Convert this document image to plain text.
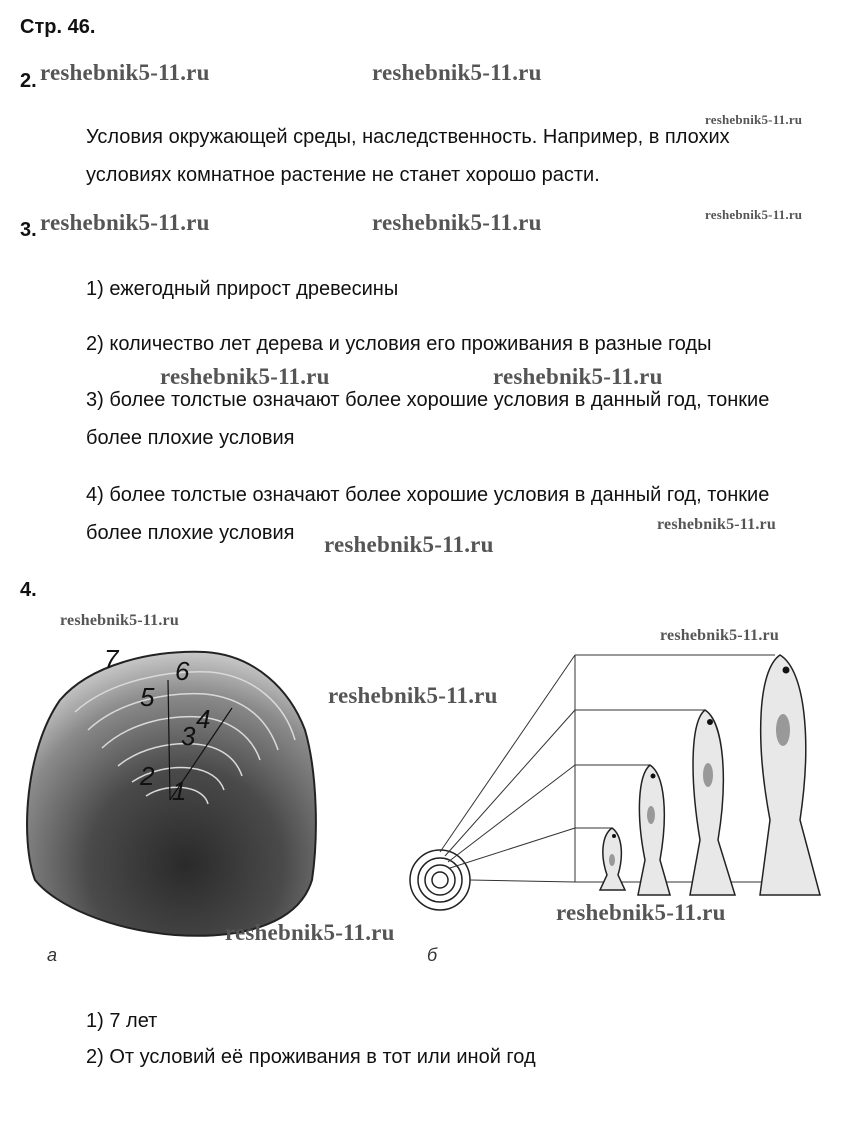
Стр. 46.
2. reshebnik5-11.ru	reshebnik5-11.ru
reshebnik5-11.ru
Условия окружающей среды, наследственность. Например, в плохих
условиях комнатное растение не станет хорошо расти.
3. reshebnik5-11.ru	reshebnik5-11.ru	reshebnik5-11.ru
1) ежегодный прирост древесины
2) количество лет дерева и условия его проживания в разные годы
reshebnik5-11.ru	reshebnik5-11.ru
3) более толстые означают более хорошие условия в данный год, тонкие
более плохие условия
4) более толстые означают более хорошие условия в данный год, тонкие
reshebnik5-11.ru
более плохие условия reshebnik5-11.ru
4.
reshebnik5-11.ru
reshebnik5-11.ru
7 6
5
4
3
2 1
reshebnik5-11.ru
reshebnik5-11.ru
reshebnik5-11.ru
а	б
1) 7 лет
2) От условий её проживания в тот или иной год
